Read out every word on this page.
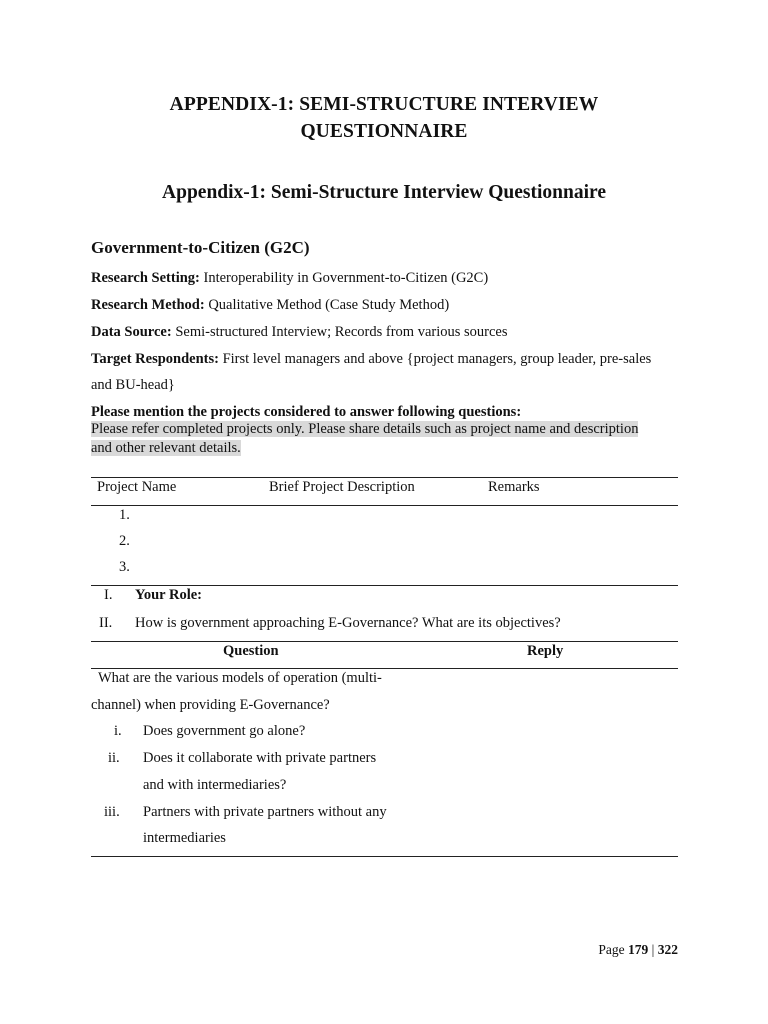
APPENDIX-1: SEMI-STRUCTURE INTERVIEW
QUESTIONNAIRE
Appendix-1: Semi-Structure Interview Questionnaire
Government-to-Citizen (G2C)
Research Setting: Interoperability in Government-to-Citizen (G2C)
Research Method: Qualitative Method (Case Study Method)
Data Source: Semi-structured Interview; Records from various sources
Target Respondents: First level managers and above {project managers, group leader, pre-sales
and BU-head}
Please mention the projects considered to answer following questions:
Please refer completed projects only. Please share details such as project name and description
and other relevant details.
Project Name	Brief Project Description	Remarks
1.
2.
3.
I. Your Role:
II. How is government approaching E-Governance? What are its objectives?
Question	Reply
What are the various models of operation (multi-
channel) when providing E-Governance?
i. Does government go alone?
ii. Does it collaborate with private partners
and with intermediaries?
iii. Partners with private partners without any
intermediaries
Page 179 | 322
